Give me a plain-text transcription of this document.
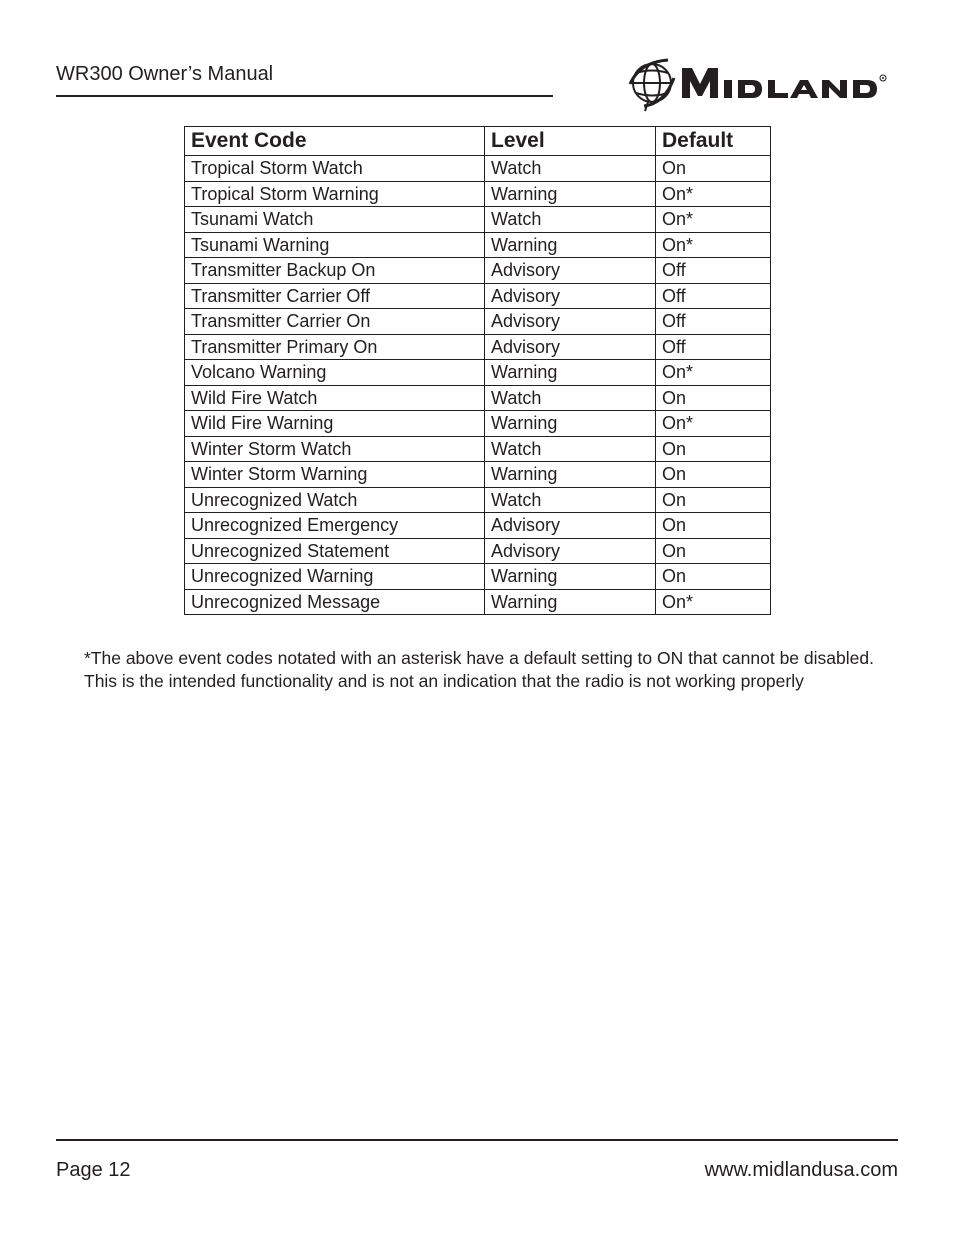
WR300 Owner’s Manual
Event Code	Level	Default
Tropical Storm Watch	Watch	On
Tropical Storm Warning	Warning	On*
Tsunami Watch	Watch	On*
Tsunami Warning	Warning	On*
Transmitter Backup On	Advisory	Off
Transmitter Carrier Off	Advisory	Off
Transmitter Carrier On	Advisory	Off
Transmitter Primary On	Advisory	Off
Volcano Warning	Warning	On*
Wild Fire Watch	Watch	On
Wild Fire Warning	Warning	On*
Winter Storm Watch	Watch	On
Winter Storm Warning	Warning	On
Unrecognized Watch	Watch	On
Unrecognized Emergency	Advisory	On
Unrecognized Statement	Advisory	On
Unrecognized Warning	Warning	On
Unrecognized Message	Warning	On*
*The above event codes notated with an asterisk have a default setting to ON that cannot be disabled. This is the intended functionality and is not an indication that the radio is not working properly
Page 12	www.midlandusa.com
